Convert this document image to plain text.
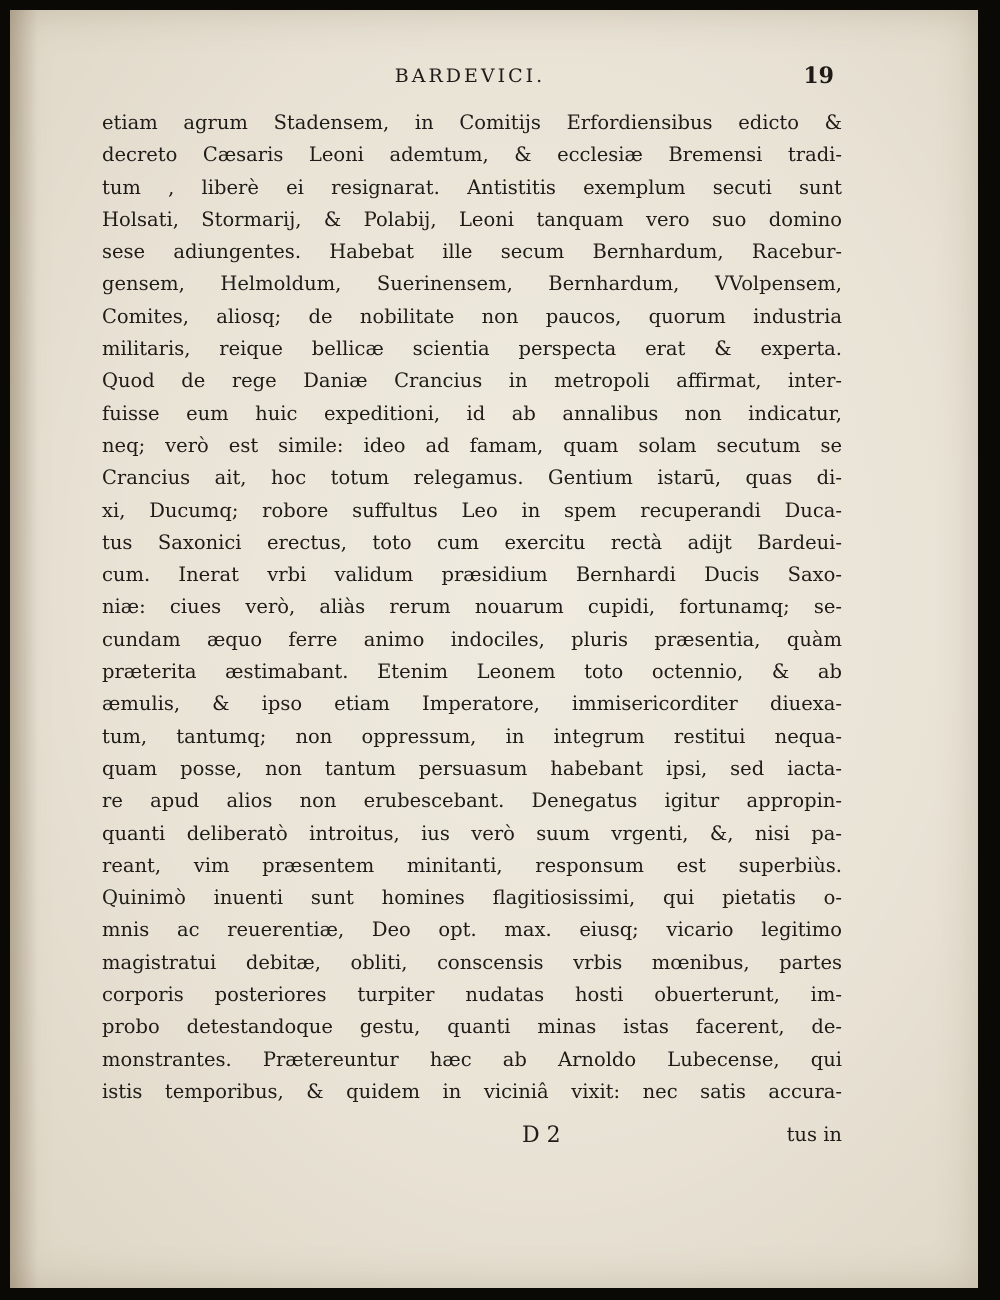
BARDEVICI.	19
etiam agrum Stadensem, in Comitijs Erfordiensibus edicto &
decreto Cæsaris Leoni ademtum, & ecclesiæ Bremensi tradi-
tum , liberè ei resignarat. Antistitis exemplum secuti sunt
Holsati, Stormarij, & Polabij, Leoni tanquam vero suo domino
sese adiungentes. Habebat ille secum Bernhardum, Racebur-
gensem, Helmoldum, Suerinensem, Bernhardum, VVolpensem,
Comites, aliosq; de nobilitate non paucos, quorum industria
militaris, reique bellicæ scientia perspecta erat & experta.
Quod de rege Daniæ Crancius in metropoli affirmat, inter-
fuisse eum huic expeditioni, id ab annalibus non indicatur,
neq; verò est simile: ideo ad famam, quam solam secutum se
Crancius ait, hoc totum relegamus. Gentium istarū, quas di-
xi, Ducumq; robore suffultus Leo in spem recuperandi Duca-
tus Saxonici erectus, toto cum exercitu rectà adijt Bardeui-
cum. Inerat vrbi validum præsidium Bernhardi Ducis Saxo-
niæ: ciues verò, aliàs rerum nouarum cupidi, fortunamq; se-
cundam æquo ferre animo indociles, pluris præsentia, quàm
præterita æstimabant. Etenim Leonem toto octennio, & ab
æmulis, & ipso etiam Imperatore, immisericorditer diuexa-
tum, tantumq; non oppressum, in integrum restitui nequa-
quam posse, non tantum persuasum habebant ipsi, sed iacta-
re apud alios non erubescebant. Denegatus igitur appropin-
quanti deliberatò introitus, ius verò suum vrgenti, &, nisi pa-
reant, vim præsentem minitanti, responsum est superbiùs.
Quinimò inuenti sunt homines flagitiosissimi, qui pietatis o-
mnis ac reuerentiæ, Deo opt. max. eiusq; vicario legitimo
magistratui debitæ, obliti, conscensis vrbis mœnibus, partes
corporis posteriores turpiter nudatas hosti obuerterunt, im-
probo detestandoque gestu, quanti minas istas facerent, de-
monstrantes. Prætereuntur hæc ab Arnoldo Lubecense, qui
istis temporibus, & quidem in viciniâ vixit: nec satis accura-
D 2	tus in
